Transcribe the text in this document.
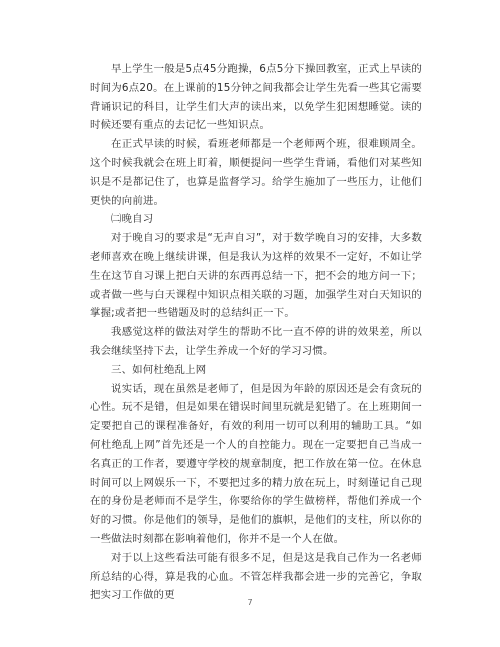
早上学生一般是5点45分跑操，6点5分下操回教室，正式上早读的时间为6点20。在上课前的15分钟之间我都会让学生先看一些其它需要背诵识记的科目，让学生们大声的读出来，以免学生犯困想睡觉。读的时候还要有重点的去记忆一些知识点。

在正式早读的时候，看班老师都是一个老师两个班，很难顾周全。这个时候我就会在班上盯着，顺便提问一些学生背诵，看他们对某些知识是不是都记住了，也算是监督学习。给学生施加了一些压力，让他们更快的向前进。

㈡晚自习

对于晚自习的要求是“无声自习”，对于数学晚自习的安排，大多数老师喜欢在晚上继续讲课，但是我认为这样的效果不一定好，不如让学生在这节自习课上把白天讲的东西再总结一下，把不会的地方问一下；或者做一些与白天课程中知识点相关联的习题，加强学生对白天知识的掌握;或者把一些错题及时的总结纠正一下。

我感觉这样的做法对学生的帮助不比一直不停的讲的效果差，所以我会继续坚持下去，让学生养成一个好的学习习惯。

三、如何杜绝乱上网

说实话，现在虽然是老师了，但是因为年龄的原因还是会有贪玩的心性。玩不是错，但是如果在错误时间里玩就是犯错了。在上班期间一定要把自己的课程准备好，有效的利用一切可以利用的辅助工具。“如何杜绝乱上网”首先还是一个人的自控能力。现在一定要把自己当成一名真正的工作者，要遵守学校的规章制度，把工作放在第一位。在休息时间可以上网娱乐一下，不要把过多的精力放在玩上，时刻谨记自己现在的身份是老师而不是学生，你要给你的学生做榜样，帮他们养成一个好的习惯。你是他们的领导，是他们的旗帜，是他们的支柱，所以你的一些做法时刻都在影响着他们，你并不是一个人在做。

对于以上这些看法可能有很多不足，但是这是我自己作为一名老师所总结的心得，算是我的心血。不管怎样我都会进一步的完善它，争取把实习工作做的更

7
